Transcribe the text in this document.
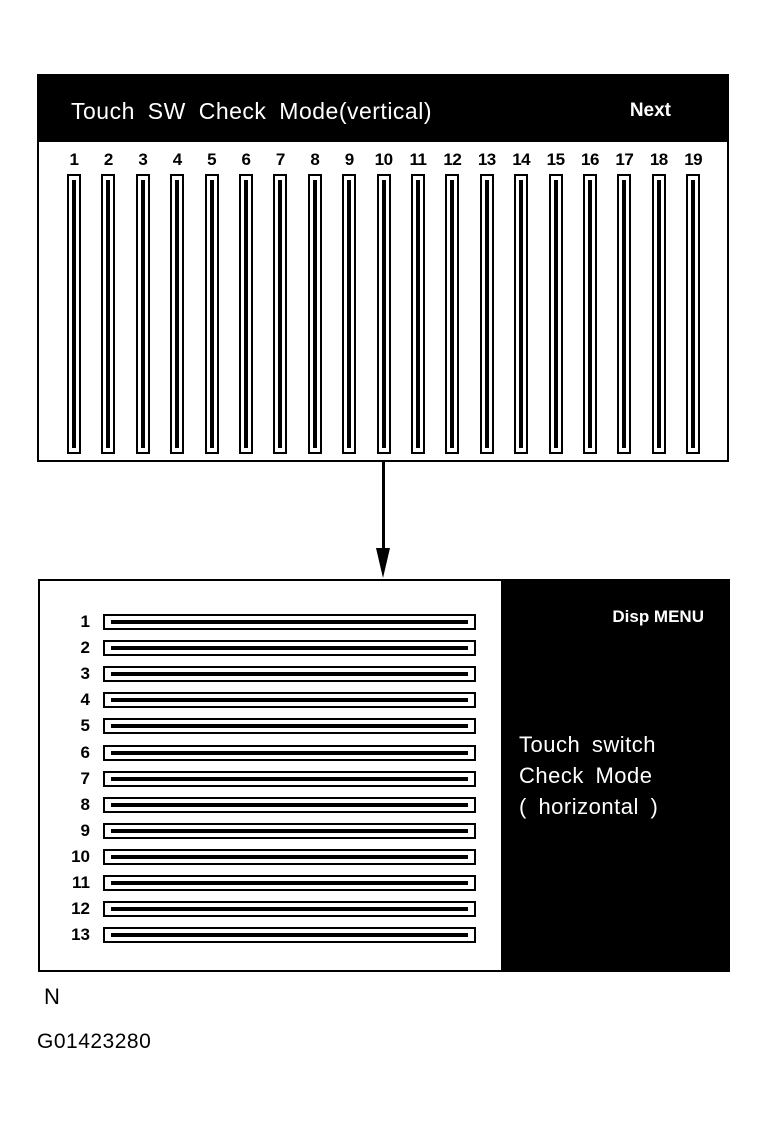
Touch SW Check Mode(vertical)	Next
1	2	3	4	5	6	7	8	9	10 11 12 13 14 15 16 17 18 19
1
2
3
4
5
6
7
8
9
10
11
12
13
Disp MENU
Touch switch
Check Mode
( horizontal )
N
G01423280
